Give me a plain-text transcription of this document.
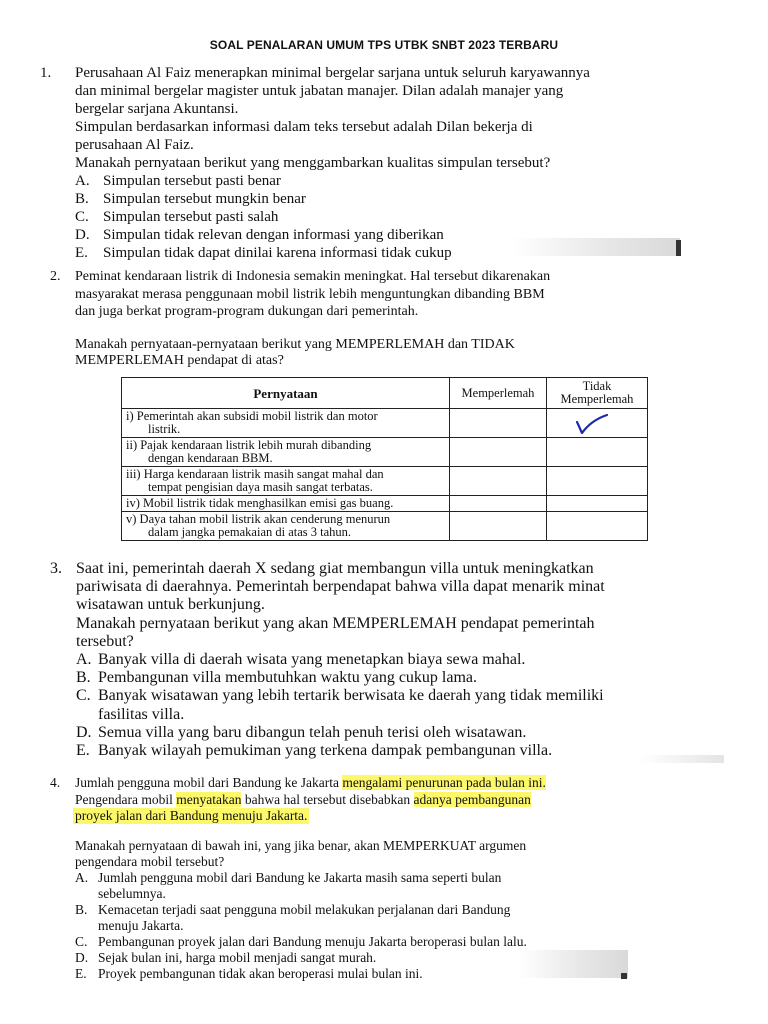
SOAL PENALARAN UMUM TPS UTBK SNBT 2023 TERBARU
1. Perusahaan Al Faiz menerapkan minimal bergelar sarjana untuk seluruh karyawannya
dan minimal bergelar magister untuk jabatan manajer. Dilan adalah manajer yang
bergelar sarjana Akuntansi.
Simpulan berdasarkan informasi dalam teks tersebut adalah Dilan bekerja di
perusahaan Al Faiz.
Manakah pernyataan berikut yang menggambarkan kualitas simpulan tersebut?
A. Simpulan tersebut pasti benar
B. Simpulan tersebut mungkin benar
C. Simpulan tersebut pasti salah
D. Simpulan tidak relevan dengan informasi yang diberikan
E. Simpulan tidak dapat dinilai karena informasi tidak cukup
2. Peminat kendaraan listrik di Indonesia semakin meningkat. Hal tersebut dikarenakan
masyarakat merasa penggunaan mobil listrik lebih menguntungkan dibanding BBM
dan juga berkat program-program dukungan dari pemerintah.
Manakah pernyataan-pernyataan berikut yang MEMPERLEMAH dan TIDAK
MEMPERLEMAH pendapat di atas?
Pernyataan	Memperlemah	Tidak Memperlemah

i) Pemerintah akan subsidi mobil listrik dan motor
listrik.

ii) Pajak kendaraan listrik lebih murah dibanding
dengan kendaraan BBM.		

iii) Harga kendaraan listrik masih sangat mahal dan
tempat pengisian daya masih sangat terbatas.		

iv) Mobil listrik tidak menghasilkan emisi gas buang.		

v) Daya tahan mobil listrik akan cenderung menurun
dalam jangka pemakaian di atas 3 tahun.		

3. Saat ini, pemerintah daerah X sedang giat membangun villa untuk meningkatkan
pariwisata di daerahnya. Pemerintah berpendapat bahwa villa dapat menarik minat
wisatawan untuk berkunjung.
Manakah pernyataan berikut yang akan MEMPERLEMAH pendapat pemerintah
tersebut?
A. Banyak villa di daerah wisata yang menetapkan biaya sewa mahal.
B. Pembangunan villa membutuhkan waktu yang cukup lama.
C. Banyak wisatawan yang lebih tertarik berwisata ke daerah yang tidak memiliki
fasilitas villa.
D. Semua villa yang baru dibangun telah penuh terisi oleh wisatawan.
E. Banyak wilayah pemukiman yang terkena dampak pembangunan villa.
4. Jumlah pengguna mobil dari Bandung ke Jakarta mengalami penurunan pada bulan ini.
Pengendara mobil menyatakan bahwa hal tersebut disebabkan adanya pembangunan
proyek jalan dari Bandung menuju Jakarta.
Manakah pernyataan di bawah ini, yang jika benar, akan MEMPERKUAT argumen
pengendara mobil tersebut?
A. Jumlah pengguna mobil dari Bandung ke Jakarta masih sama seperti bulan
sebelumnya.
B. Kemacetan terjadi saat pengguna mobil melakukan perjalanan dari Bandung
menuju Jakarta.
C. Pembangunan proyek jalan dari Bandung menuju Jakarta beroperasi bulan lalu.
D. Sejak bulan ini, harga mobil menjadi sangat murah.
E. Proyek pembangunan tidak akan beroperasi mulai bulan ini.
